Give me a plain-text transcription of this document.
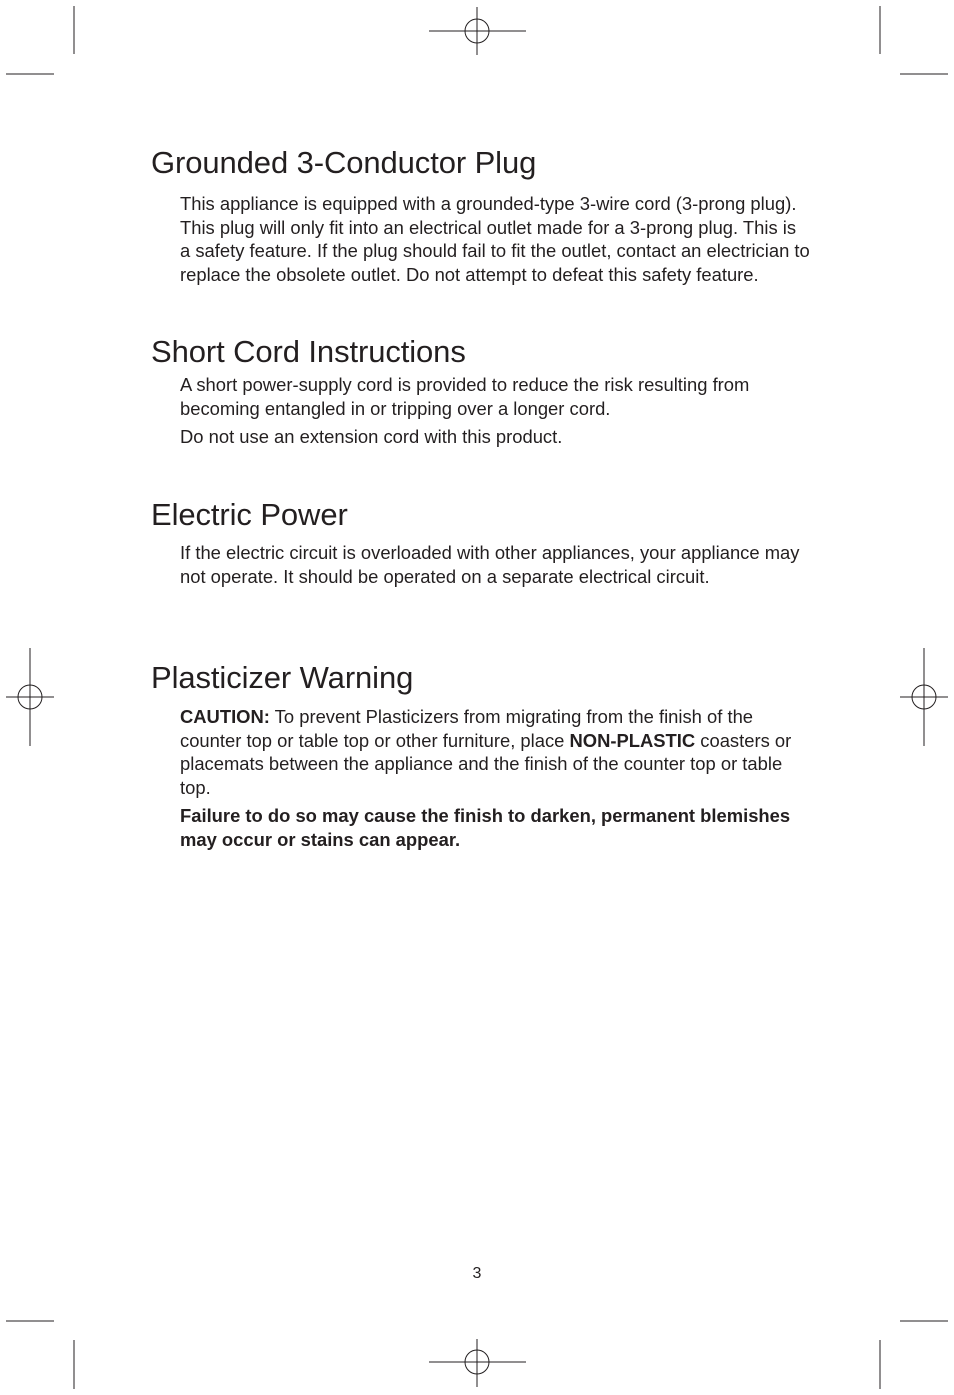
Grounded 3-Conductor Plug

This appliance is equipped with a grounded-type 3-wire cord (3-prong plug). This plug will only fit into an electrical outlet made for a 3-prong plug. This is a safety feature. If the plug should fail to fit the outlet, contact an electrician to replace the obsolete outlet. Do not attempt to defeat this safety feature.

Short Cord Instructions

A short power-supply cord is provided to reduce the risk resulting from becoming entangled in or tripping over a longer cord.

Do not use an extension cord with this product.

Electric Power

If the electric circuit is overloaded with other appliances, your appliance may not operate. It should be operated on a separate electrical circuit.

Plasticizer Warning

CAUTION: To prevent Plasticizers from migrating from the finish of the counter top or table top or other furniture, place NON-PLASTIC coasters or placemats between the appliance and the finish of the counter top or table top.

Failure to do so may cause the finish to darken, permanent blemishes may occur or stains can appear.

3
